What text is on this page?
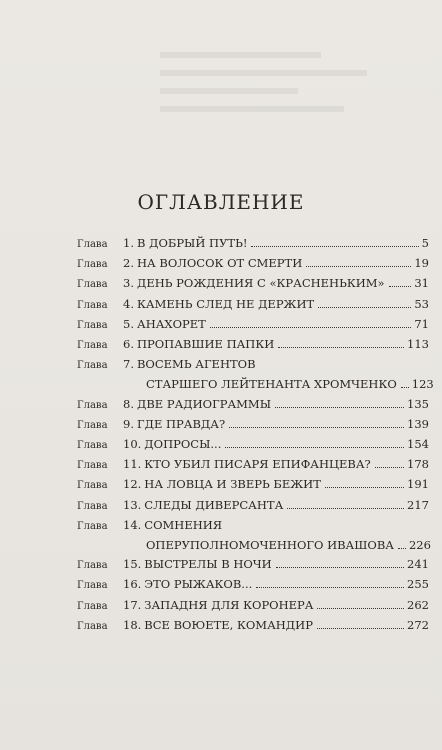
ОГЛАВЛЕНИЕ
Глава	1. В ДОБРЫЙ ПУТЬ!	5
Глава	2. НА ВОЛОСОК ОТ СМЕРТИ	19
Глава	3. ДЕНЬ РОЖДЕНИЯ С «КРАСНЕНЬКИМ»	31
Глава	4. КАМЕНЬ СЛЕД НЕ ДЕРЖИТ	53
Глава	5. АНАХОРЕТ	71
Глава	6. ПРОПАВШИЕ ПАПКИ	113
Глава	7. ВОСЕМЬ АГЕНТОВ
СТАРШЕГО ЛЕЙТЕНАНТА ХРОМЧЕНКО 123
Глава	8. ДВЕ РАДИОГРАММЫ	135
Глава	9. ГДЕ ПРАВДА?	139
Глава	10. ДОПРОСЫ...	154
Глава	11. КТО УБИЛ ПИСАРЯ ЕПИФАНЦЕВА?	178
Глава	12. НА ЛОВЦА И ЗВЕРЬ БЕЖИТ	191
Глава	13. СЛЕДЫ ДИВЕРСАНТА	217
Глава	14. СОМНЕНИЯ
ОПЕРУПОЛНОМОЧЕННОГО ИВАШОВА 226
Глава	15. ВЫСТРЕЛЫ В НОЧИ	241
Глава	16. ЭТО РЫЖАКОВ...	255
Глава	17. ЗАПАДНЯ ДЛЯ КОРОНЕРА	262
Глава	18. ВСЕ ВОЮЕТЕ, КОМАНДИР	272
